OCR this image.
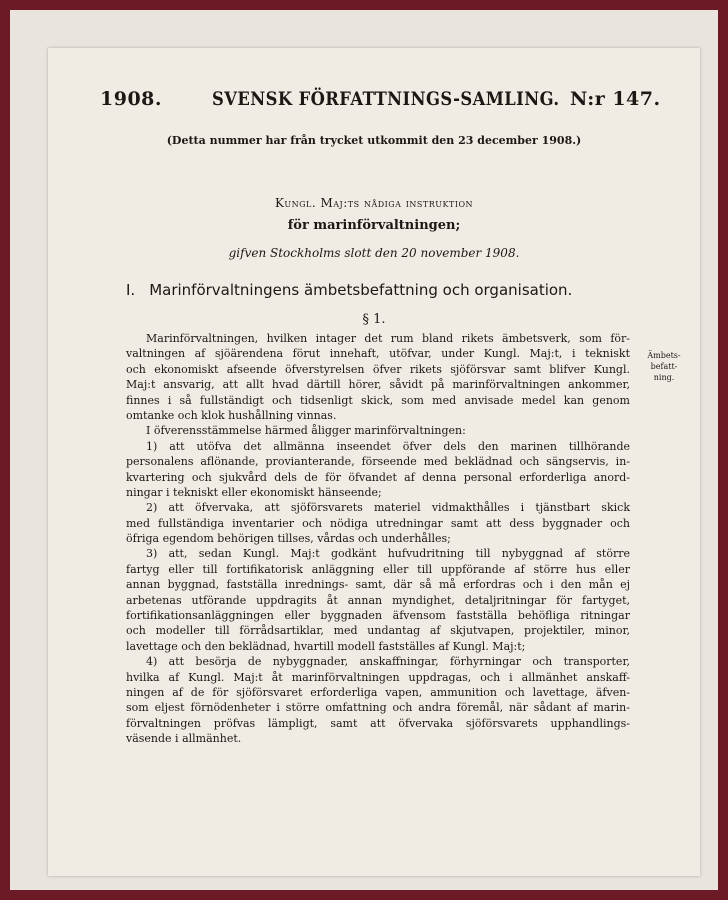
1908.	SVENSK FÖRFATTNINGS-SAMLING. N:r 147.
(Detta nummer har från trycket utkommit den 23 december 1908.)
Kungl. Maj:ts nådiga instruktion
för marinförvaltningen;
gifven Stockholms slott den 20 november 1908.
I. Marinförvaltningens ämbetsbefattning och organisation.
§ 1.
Marinförvaltningen, hvilken intager det rum bland rikets ämbetsverk, som för-
valtningen af sjöärendena förut innehaft, utöfvar, under Kungl. Maj:t, i tekniskt
och ekonomiskt afseende öfverstyrelsen öfver rikets sjöförsvar samt blifver Kungl.
Maj:t ansvarig, att allt hvad därtill hörer, såvidt på marinförvaltningen ankommer,
finnes i så fullständigt och tidsenligt skick, som med anvisade medel kan genom
omtanke och klok hushållning vinnas.
I öfverensstämmelse härmed åligger marinförvaltningen:
1) att utöfva det allmänna inseendet öfver dels den marinen tillhörande
personalens aflönande, provianterande, förseende med beklädnad och sängservis, in-
kvartering och sjukvård dels de för öfvandet af denna personal erforderliga anord-
ningar i tekniskt eller ekonomiskt hänseende;
2) att öfvervaka, att sjöförsvarets materiel vidmakthålles i tjänstbart skick
med fullständiga inventarier och nödiga utredningar samt att dess byggnader och
öfriga egendom behörigen tillses, vårdas och underhålles;
3) att, sedan Kungl. Maj:t godkänt hufvudritning till nybyggnad af större
fartyg eller till fortifikatorisk anläggning eller till uppförande af större hus eller
annan byggnad, fastställa inrednings- samt, där så må erfordras och i den mån ej
arbetenas utförande uppdragits åt annan myndighet, detaljritningar för fartyget,
fortifikationsanläggningen eller byggnaden äfvensom fastställa behöfliga ritningar
och modeller till förrådsartiklar, med undantag af skjutvapen, projektiler, minor,
lavettage och den beklädnad, hvartill modell fastställes af Kungl. Maj:t;
4) att besörja de nybyggnader, anskaffningar, förhyrningar och transporter,
hvilka af Kungl. Maj:t åt marinförvaltningen uppdragas, och i allmänhet anskaff-
ningen af de för sjöförsvaret erforderliga vapen, ammunition och lavettage, äfven-
som eljest förnödenheter i större omfattning och andra föremål, när sådant af marin-
förvaltningen pröfvas lämpligt, samt att öfvervaka sjöförsvarets upphandlings-
väsende i allmänhet.
Ämbets-
befatt-
ning.
